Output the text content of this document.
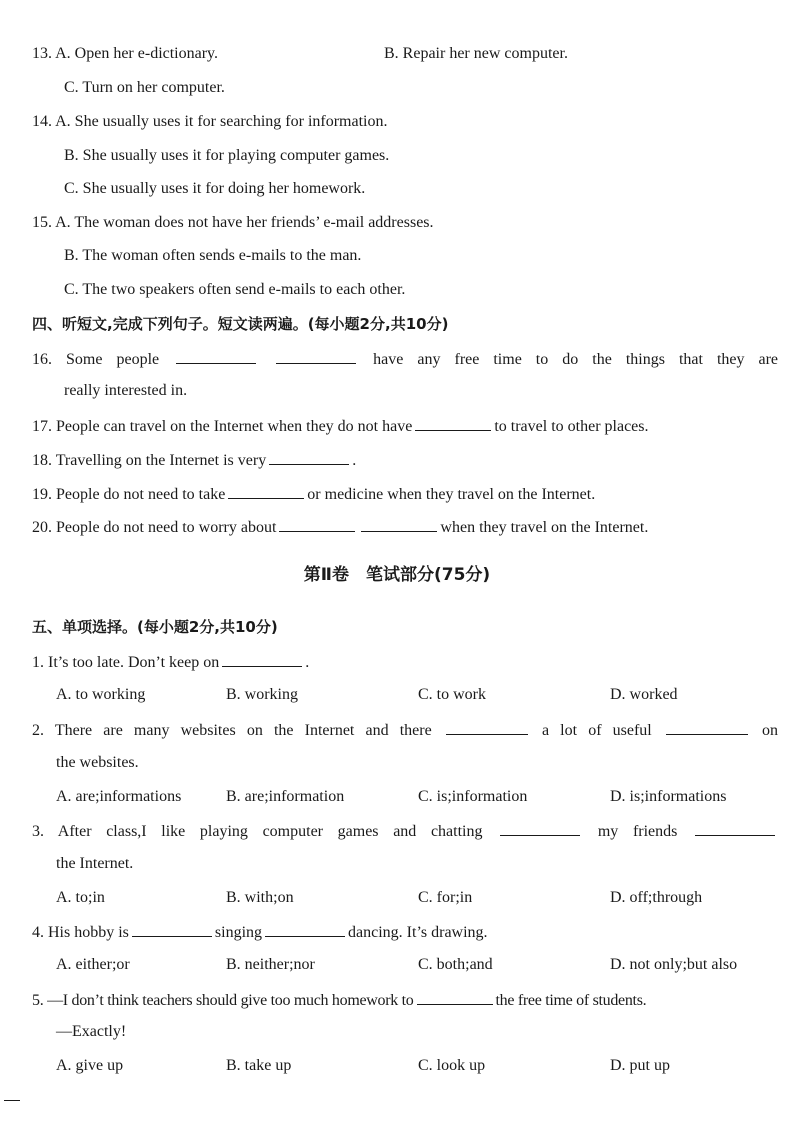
13. A. Open her e-dictionary.	B. Repair her new computer.
C. Turn on her computer.
14. A. She usually uses it for searching for information.
B. She usually uses it for playing computer games.
C. She usually uses it for doing her homework.
15. A. The woman does not have her friends’ e-mail addresses.
B. The woman often sends e-mails to the man.
C. The two speakers often send e-mails to each other.
四、听短文,完成下列句子。短文读两遍。(每小题2分,共10分)
16. Some people	have any free time to do the things that they are
really interested in.
17. People can travel on the Internet when they do not have	to travel to other places.
18. Travelling on the Internet is very	.
19. People do not need to take	or medicine when they travel on the Internet.
20. People do not need to worry about	when they travel on the Internet.
第Ⅱ卷　笔试部分(75分)
五、单项选择。(每小题2分,共10分)
1. It’s too late. Don’t keep on	.
A. to working	B. working	C. to work	D. worked
2. There are many websites on the Internet and there	a lot of useful	on
the websites.
A. are;informations	B. are;information	C. is;information	D. is;informations
3. After class,I like playing computer games and chatting	my friends
the Internet.
A. to;in	B. with;on	C. for;in	D. off;through
4. His hobby is	singing	dancing. It’s drawing.
A. either;or	B. neither;nor	C. both;and	D. not only;but also
5. —I don’t think teachers should give too much homework to	the free time of students.
—Exactly!
A. give up	B. take up	C. look up	D. put up
